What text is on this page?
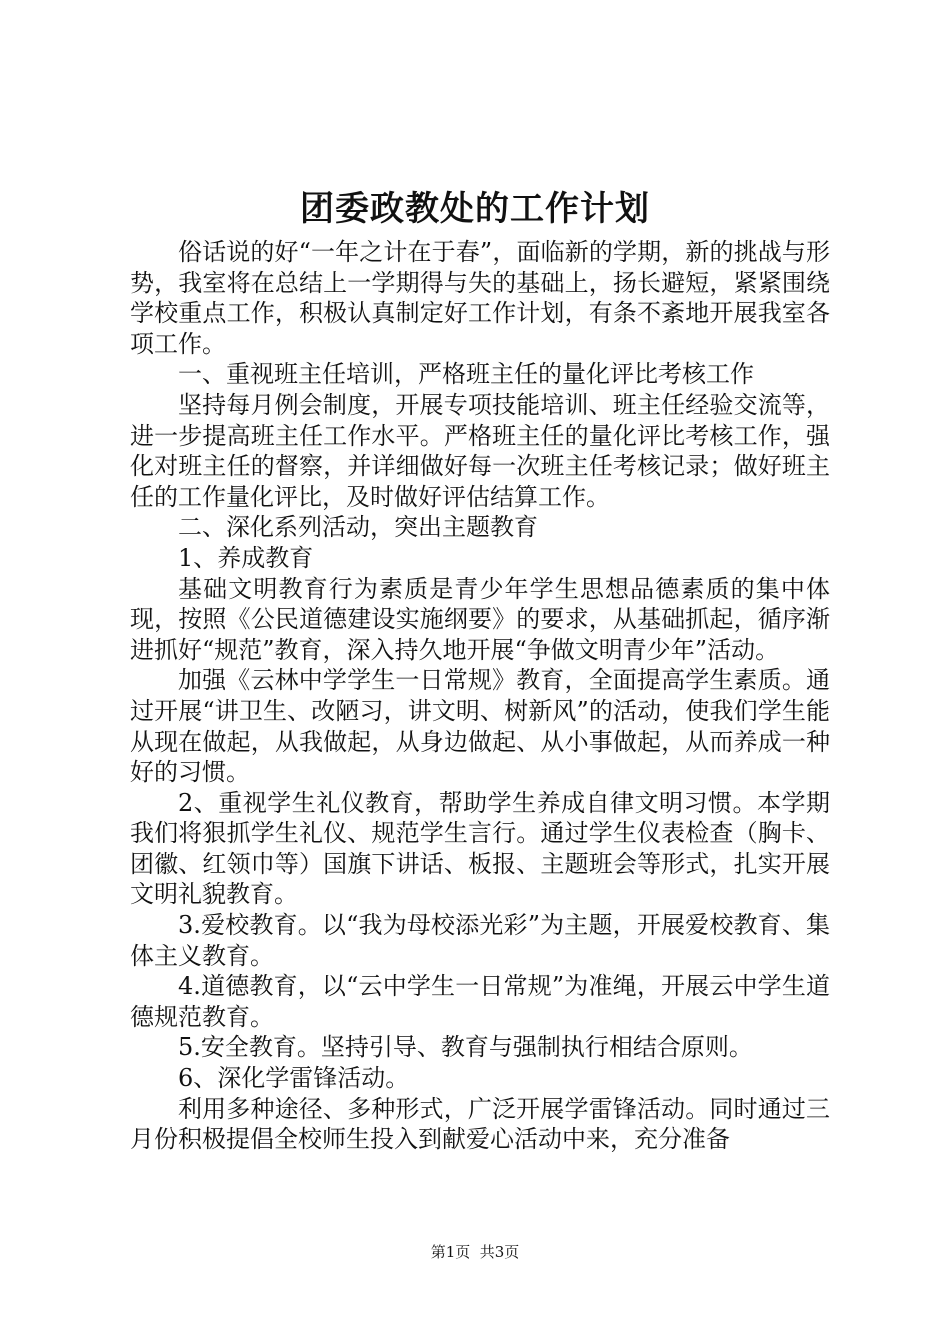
团委政教处的工作计划

俗话说的好“一年之计在于春”，面临新的学期，新的挑战与形势，我室将在总结上一学期得与失的基础上，扬长避短，紧紧围绕学校重点工作，积极认真制定好工作计划，有条不紊地开展我室各项工作。

一、重视班主任培训，严格班主任的量化评比考核工作

坚持每月例会制度，开展专项技能培训、班主任经验交流等，进一步提高班主任工作水平。严格班主任的量化评比考核工作，强化对班主任的督察，并详细做好每一次班主任考核记录；做好班主任的工作量化评比，及时做好评估结算工作。

二、深化系列活动，突出主题教育

1、养成教育

基础文明教育行为素质是青少年学生思想品德素质的集中体现，按照《公民道德建设实施纲要》的要求，从基础抓起，循序渐进抓好“规范”教育，深入持久地开展“争做文明青少年”活动。

加强《云林中学学生一日常规》教育，全面提高学生素质。通过开展“讲卫生、改陋习，讲文明、树新风”的活动，使我们学生能从现在做起，从我做起，从身边做起、从小事做起，从而养成一种好的习惯。

2、重视学生礼仪教育，帮助学生养成自律文明习惯。本学期我们将狠抓学生礼仪、规范学生言行。通过学生仪表检查（胸卡、团徽、红领巾等）国旗下讲话、板报、主题班会等形式，扎实开展文明礼貌教育。

3.爱校教育。以“我为母校添光彩”为主题，开展爱校教育、集体主义教育。

4.道德教育，以“云中学生一日常规”为准绳，开展云中学生道德规范教育。

5.安全教育。坚持引导、教育与强制执行相结合原则。

6、深化学雷锋活动。

利用多种途径、多种形式，广泛开展学雷锋活动。同时通过三月份积极提倡全校师生投入到献爱心活动中来，充分准备

第1页  共3页
